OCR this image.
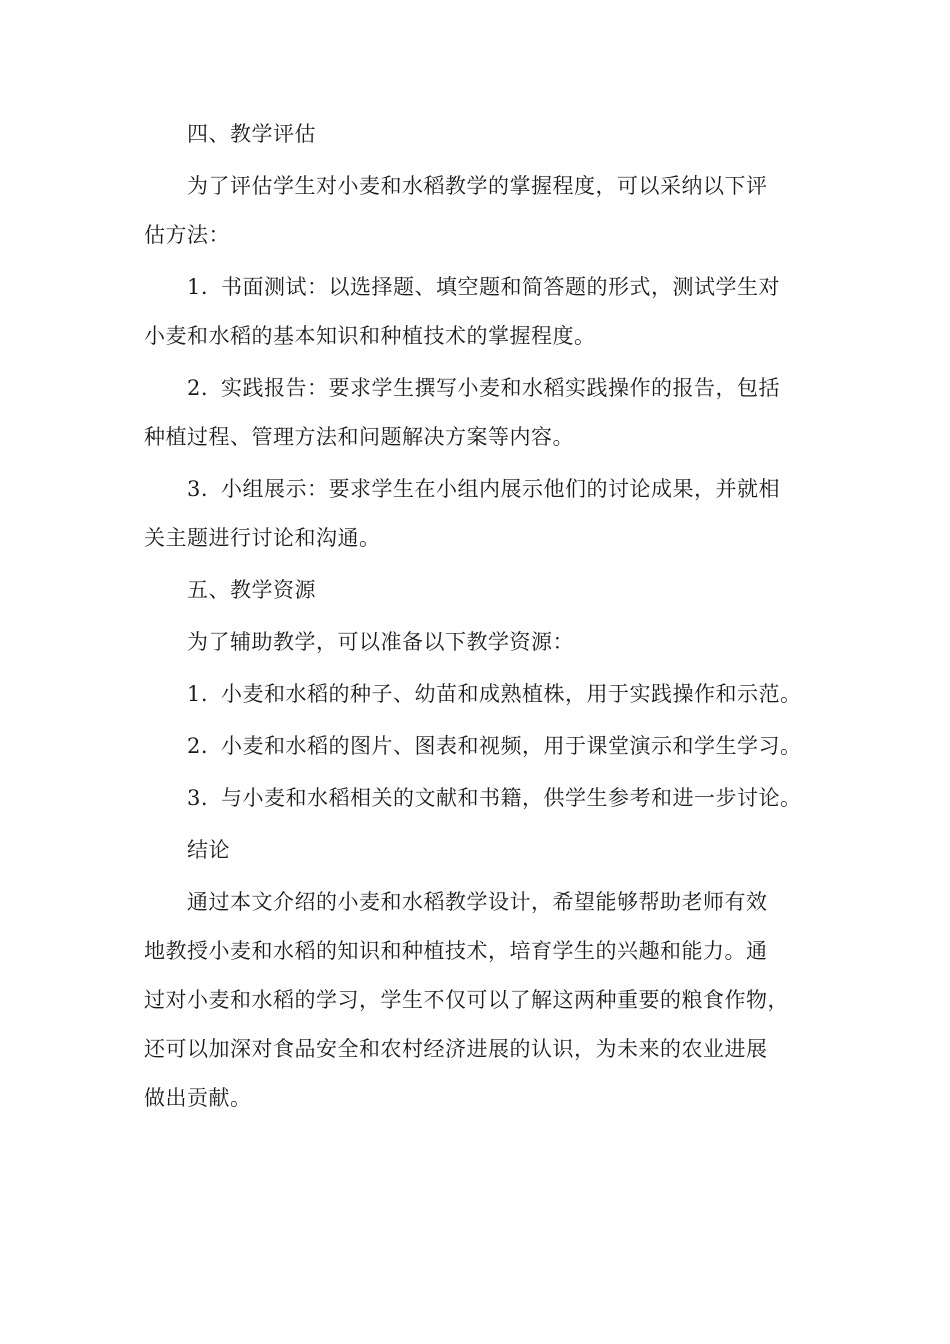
四、教学评估
为了评估学生对小麦和水稻教学的掌握程度，可以采纳以下评
估方法：
1. 书面测试：以选择题、填空题和简答题的形式，测试学生对
小麦和水稻的基本知识和种植技术的掌握程度。
2. 实践报告：要求学生撰写小麦和水稻实践操作的报告，包括
种植过程、管理方法和问题解决方案等内容。
3. 小组展示：要求学生在小组内展示他们的讨论成果，并就相
关主题进行讨论和沟通。
五、教学资源
为了辅助教学，可以准备以下教学资源：
1. 小麦和水稻的种子、幼苗和成熟植株，用于实践操作和示范。
2. 小麦和水稻的图片、图表和视频，用于课堂演示和学生学习。
3. 与小麦和水稻相关的文献和书籍，供学生参考和进一步讨论。
结论
通过本文介绍的小麦和水稻教学设计，希望能够帮助老师有效
地教授小麦和水稻的知识和种植技术，培育学生的兴趣和能力。通
过对小麦和水稻的学习，学生不仅可以了解这两种重要的粮食作物，
还可以加深对食品安全和农村经济进展的认识，为未来的农业进展
做出贡献。
